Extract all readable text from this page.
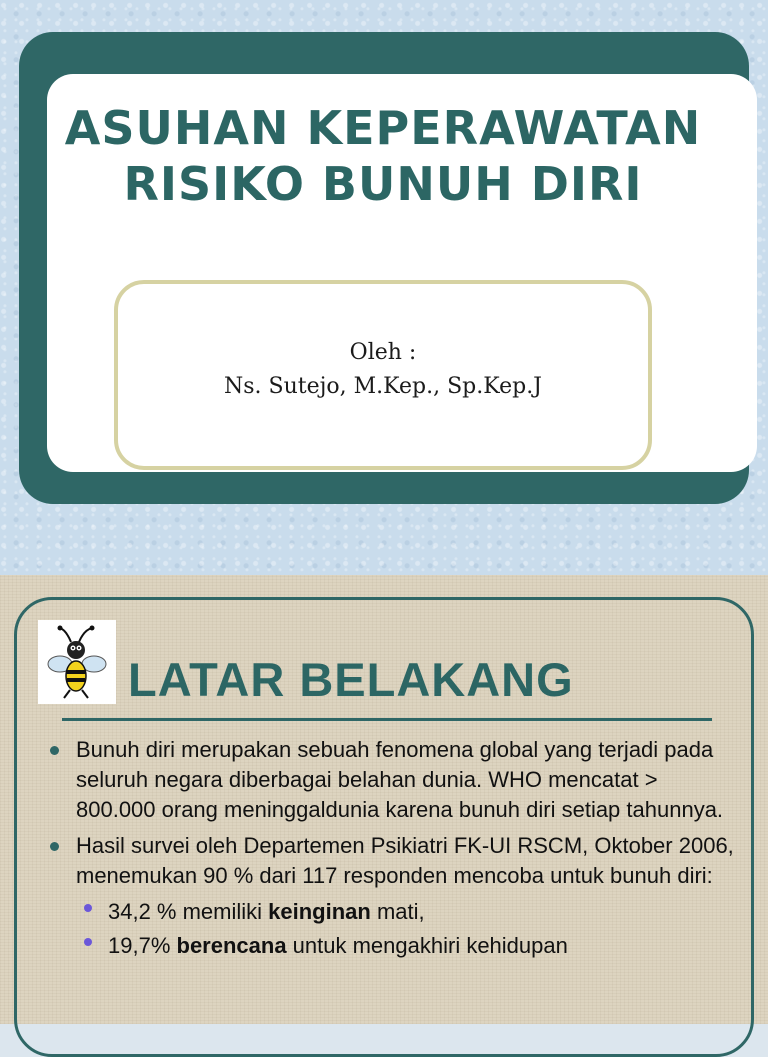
ASUHAN KEPERAWATAN
RISIKO BUNUH DIRI
Oleh :
Ns. Sutejo, M.Kep., Sp.Kep.J
LATAR BELAKANG
Bunuh diri merupakan sebuah fenomena global yang terjadi pada seluruh negara diberbagai belahan dunia. WHO mencatat > 800.000 orang meninggaldunia karena bunuh diri setiap tahunnya.
Hasil survei oleh Departemen Psikiatri FK-UI RSCM, Oktober 2006, menemukan 90 % dari 117 responden mencoba untuk bunuh diri:
34,2 % memiliki keinginan mati,
19,7% berencana untuk mengakhiri kehidupan
